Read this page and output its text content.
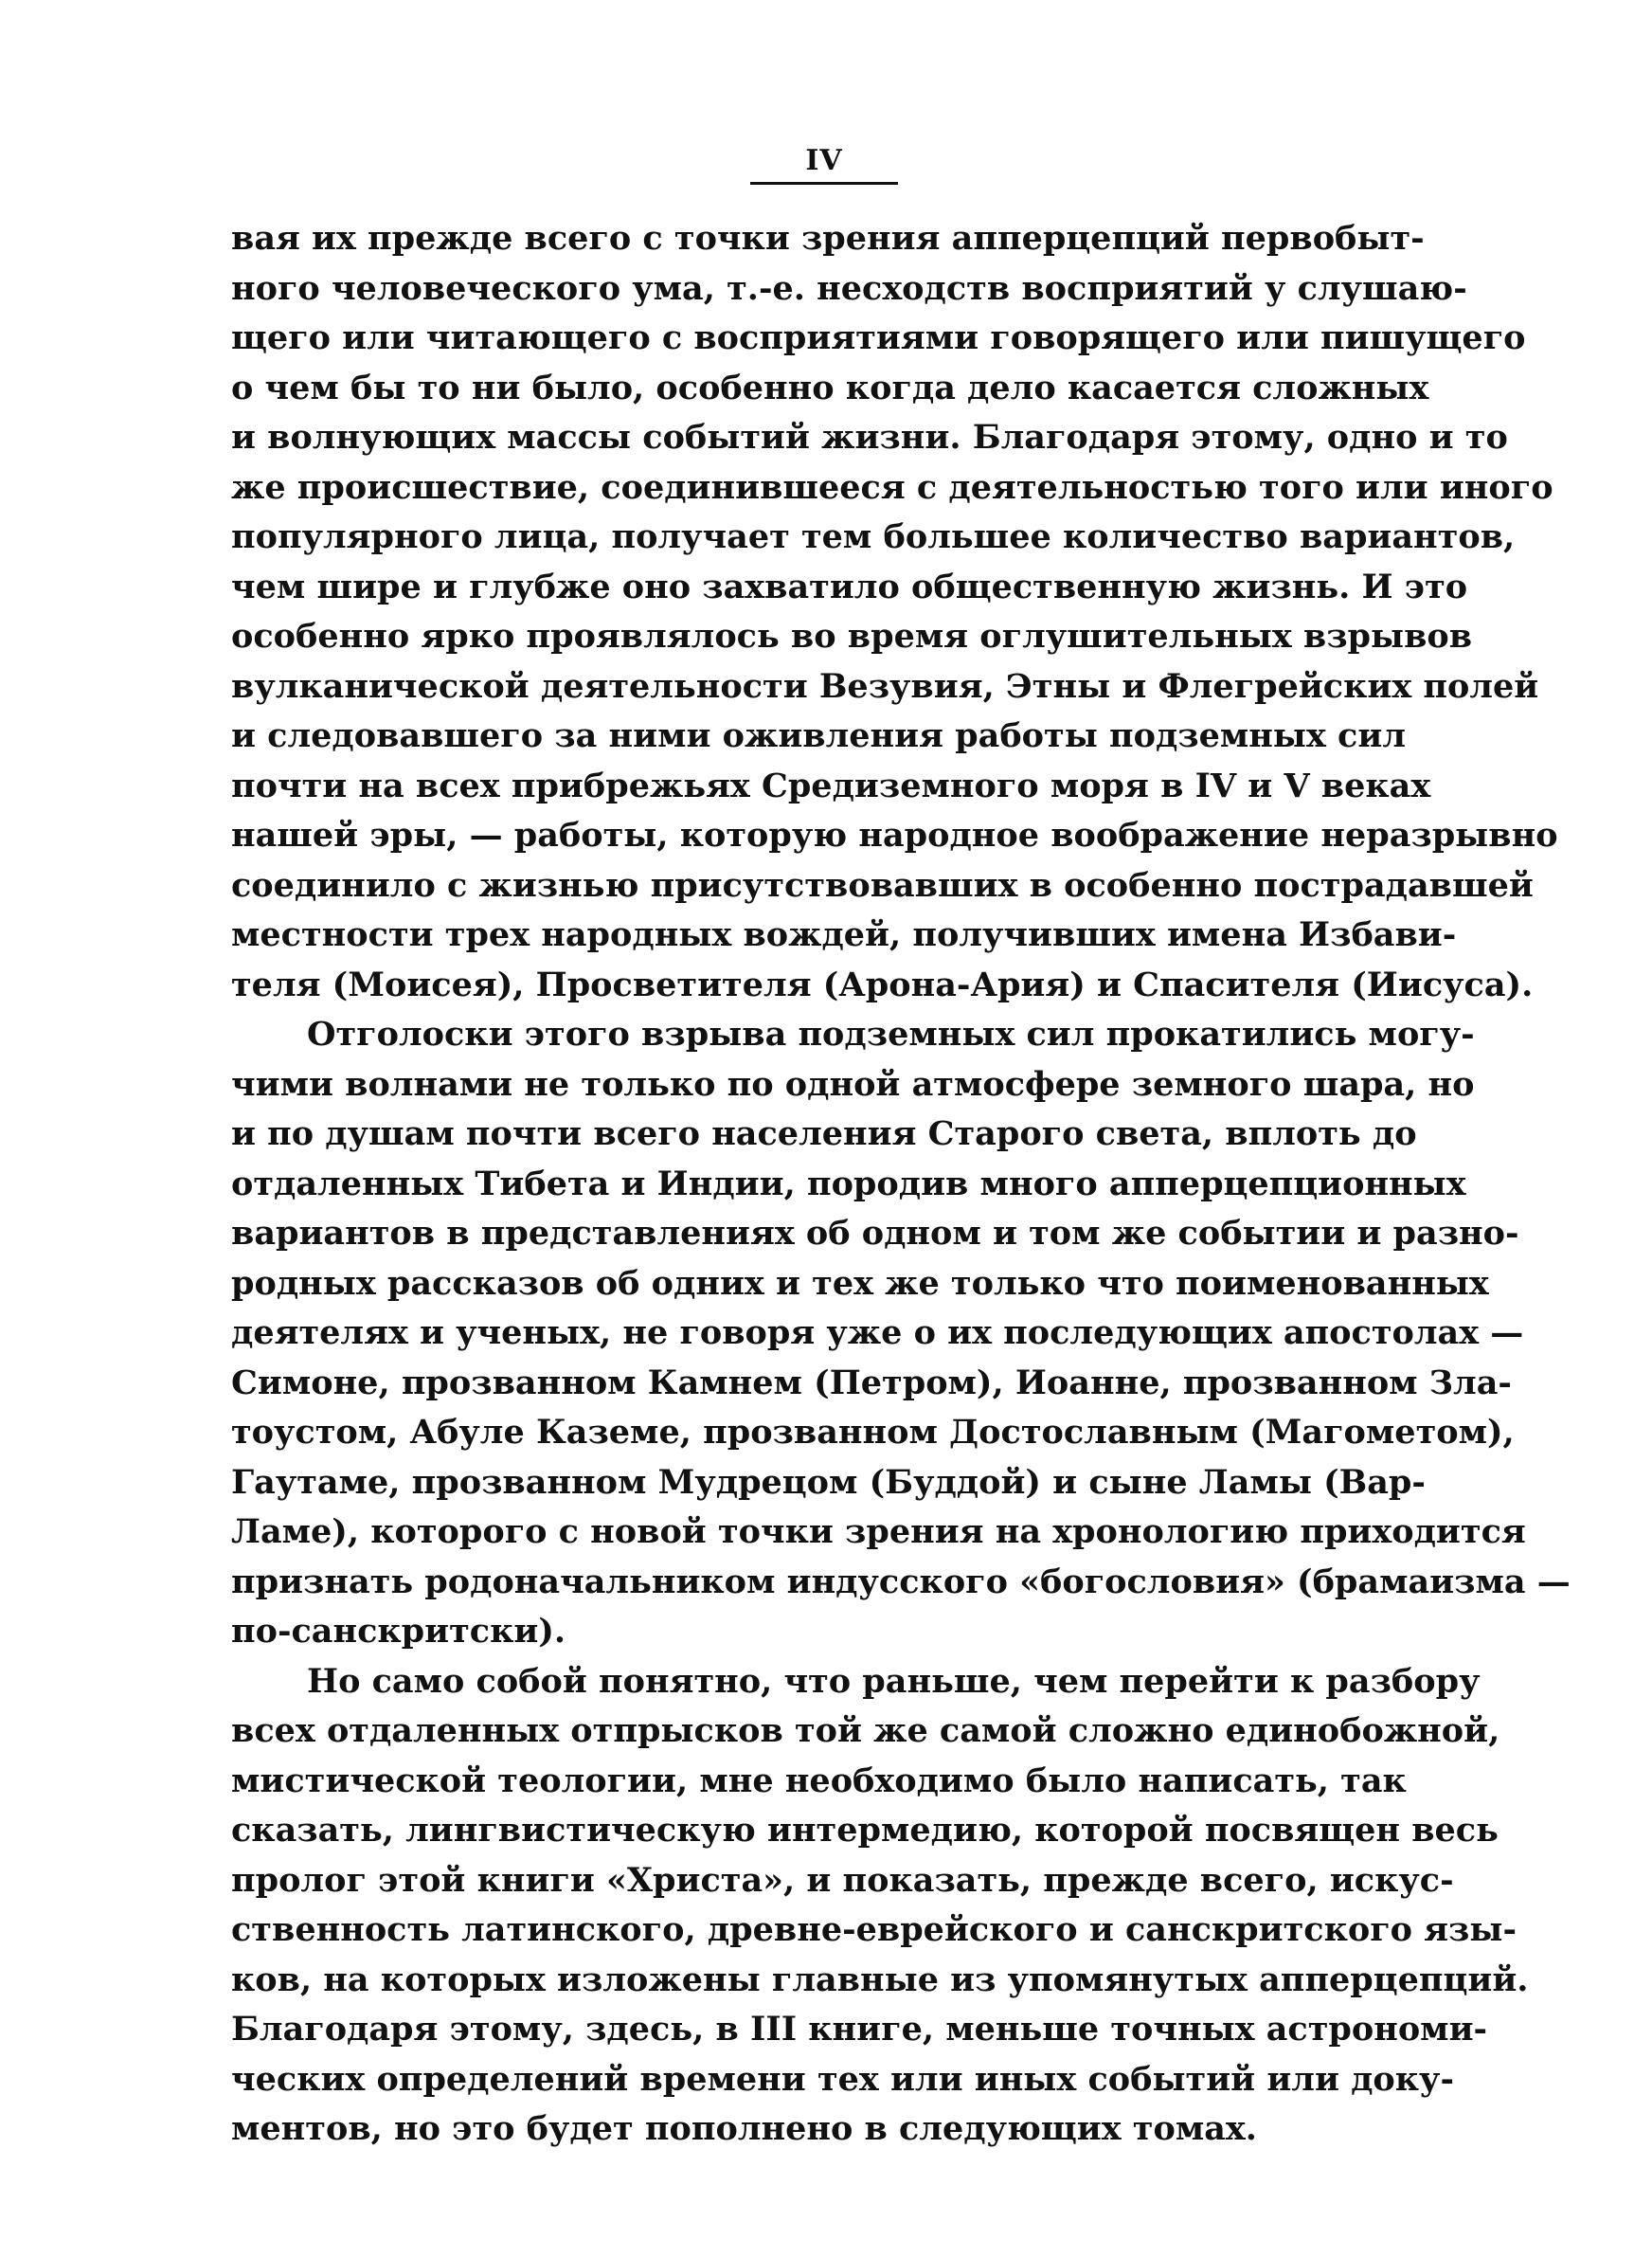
IV
вая их прежде всего с точки зрения апперцепций первобыт-
ного человеческого ума, т.-е. несходств восприятий у слушаю-
щего или читающего с восприятиями говорящего или пишущего
о чем бы то ни было, особенно когда дело касается сложных
и волнующих массы событий жизни. Благодаря этому, одно и то
же происшествие, соединившееся с деятельностью того или иного
популярного лица, получает тем большее количество вариантов,
чем шире и глубже оно захватило общественную жизнь. И это
особенно ярко проявлялось во время оглушительных взрывов
вулканической деятельности Везувия, Этны и Флегрейских полей
и следовавшего за ними оживления работы подземных сил
почти на всех прибрежьях Средиземного моря в IV и V веках
нашей эры, — работы, которую народное воображение неразрывно
соединило с жизнью присутствовавших в особенно пострадавшей
местности трех народных вождей, получивших имена Избави-
теля (Моисея), Просветителя (Арона-Ария) и Спасителя (Иисуса).
Отголоски этого взрыва подземных сил прокатились могу-
чими волнами не только по одной атмосфере земного шара, но
и по душам почти всего населения Старого света, вплоть до
отдаленных Тибета и Индии, породив много апперцепционных
вариантов в представлениях об одном и том же событии и разно-
родных рассказов об одних и тех же только что поименованных
деятелях и ученых, не говоря уже о их последующих апостолах —
Симоне, прозванном Камнем (Петром), Иоанне, прозванном Зла-
тоустом, Абуле Каземе, прозванном Достославным (Магометом),
Гаутаме, прозванном Мудрецом (Буддой) и сыне Ламы (Вар-
Ламе), которого с новой точки зрения на хронологию приходится
признать родоначальником индусского «богословия» (брамаизма —
по-санскритски).
Но само собой понятно, что раньше, чем перейти к разбору
всех отдаленных отпрысков той же самой сложно единобожной,
мистической теологии, мне необходимо было написать, так
сказать, лингвистическую интермедию, которой посвящен весь
пролог этой книги «Христа», и показать, прежде всего, искус-
ственность латинского, древне-еврейского и санскритского язы-
ков, на которых изложены главные из упомянутых апперцепций.
Благодаря этому, здесь, в III книге, меньше точных астрономи-
ческих определений времени тех или иных событий или доку-
ментов, но это будет пополнено в следующих томах.
